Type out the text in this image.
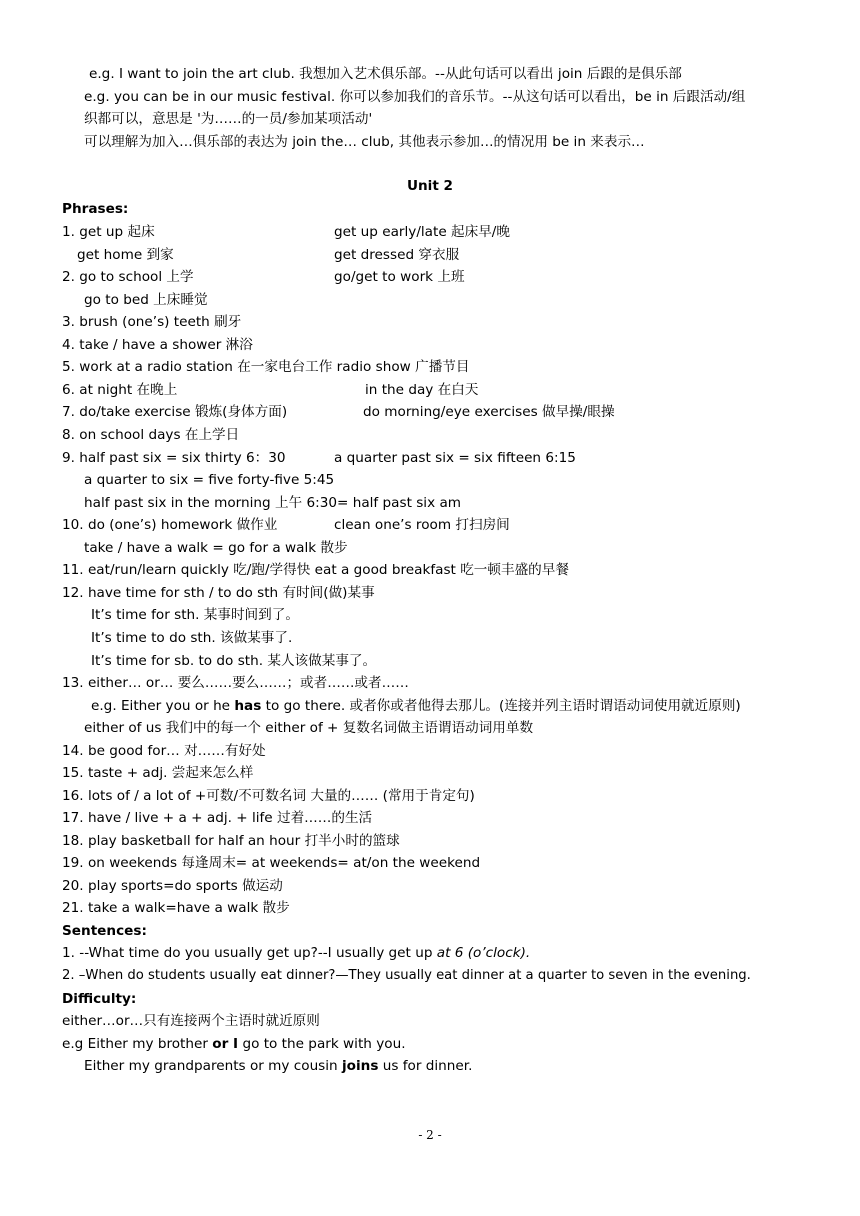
e.g. I want to join the art club. 我想加入艺术俱乐部。--从此句话可以看出 join 后跟的是俱乐部
e.g. you can be in our music festival. 你可以参加我们的音乐节。--从这句话可以看出，be in 后跟活动/组
织都可以，意思是 '为……的一员/参加某项活动'
可以理解为加入…俱乐部的表达为 join the… club, 其他表示参加…的情况用 be in 来表示…
Unit 2
Phrases:
1. get up 起床	get up early/late 起床早/晚
get home 到家	get dressed 穿衣服
2. go to school 上学	go/get to work 上班
go to bed 上床睡觉
3. brush (one’s) teeth 刷牙
4. take / have a shower 淋浴
5. work at a radio station 在一家电台工作 radio show 广播节目
6. at night 在晚上	in the day 在白天
7. do/take exercise 锻炼(身体方面)	do morning/eye exercises 做早操/眼操
8. on school days 在上学日
9. half past six = six thirty 6：30	a quarter past six = six fifteen 6:15
a quarter to six = five forty-five 5:45
half past six in the morning 上午 6:30= half past six am
10. do (one’s) homework 做作业	clean one’s room 打扫房间
take / have a walk = go for a walk 散步
11. eat/run/learn quickly 吃/跑/学得快 eat a good breakfast 吃一顿丰盛的早餐
12. have time for sth / to do sth 有时间(做)某事
It’s time for sth. 某事时间到了。
It’s time to do sth. 该做某事了.
It’s time for sb. to do sth. 某人该做某事了。
13. either… or… 要么……要么……；或者……或者……
e.g. Either you or he has to go there. 或者你或者他得去那儿。(连接并列主语时谓语动词使用就近原则)
either of us 我们中的每一个 either of + 复数名词做主语谓语动词用单数
14. be good for… 对……有好处
15. taste + adj. 尝起来怎么样
16. lots of / a lot of +可数/不可数名词 大量的…… (常用于肯定句)
17. have / live + a + adj. + life 过着……的生活
18. play basketball for half an hour 打半小时的篮球
19. on weekends 每逢周末= at weekends= at/on the weekend
20. play sports=do sports 做运动
21. take a walk=have a walk 散步
Sentences:
1. --What time do you usually get up?--I usually get up at 6 (o’clock).
2. –When do students usually eat dinner?—They usually eat dinner at a quarter to seven in the evening.
Difficulty:
either…or…只有连接两个主语时就近原则
e.g Either my brother or I go to the park with you.
Either my grandparents or my cousin joins us for dinner.
- 2 -
